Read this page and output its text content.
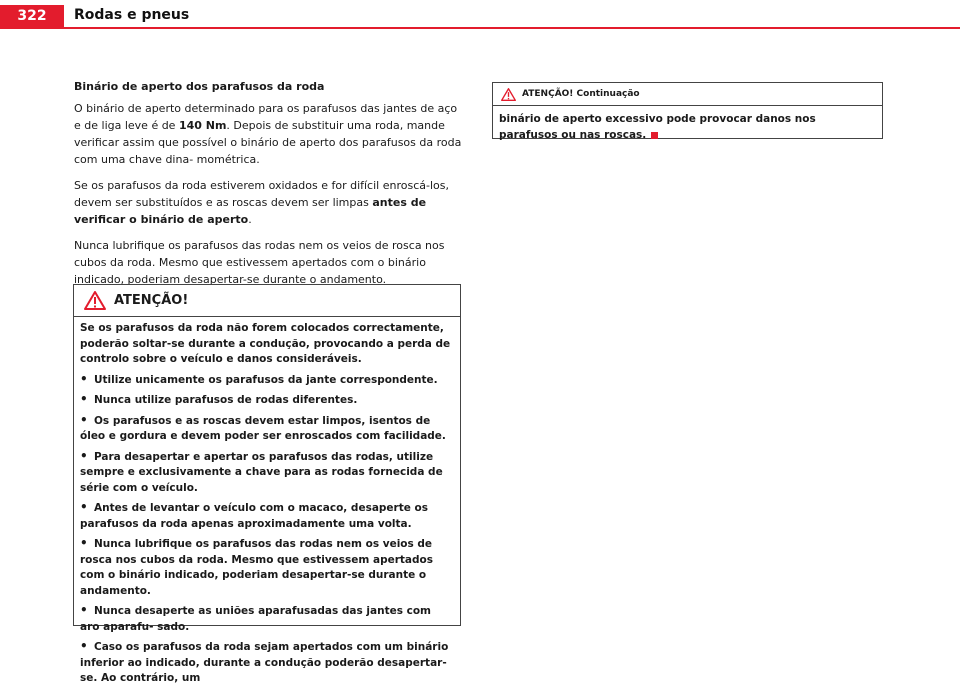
322	Rodas e pneus
Binário de aperto dos parafusos da roda

O binário de aperto determinado para os parafusos das jantes de aço e de liga leve é de 140 Nm. Depois de substituir uma roda, mande verificar assim que possível o binário de aperto dos parafusos da roda com uma chave dina- mométrica.

Se os parafusos da roda estiverem oxidados e for difícil enroscá-los, devem ser substituídos e as roscas devem ser limpas antes de verificar o binário de aperto.

Nunca lubrifique os parafusos das rodas nem os veios de rosca nos cubos da roda. Mesmo que estivessem apertados com o binário indicado, poderiam desapertar-se durante o andamento.

ATENÇÃO!

Se os parafusos da roda não forem colocados correctamente, poderão soltar-se durante a condução, provocando a perda de controlo sobre o veículo e danos consideráveis.

• Utilize unicamente os parafusos da jante correspondente.
• Nunca utilize parafusos de rodas diferentes.
• Os parafusos e as roscas devem estar limpos, isentos de óleo e gordura e devem poder ser enroscados com facilidade.
• Para desapertar e apertar os parafusos das rodas, utilize sempre e exclusivamente a chave para as rodas fornecida de série com o veículo.
• Antes de levantar o veículo com o macaco, desaperte os parafusos da roda apenas aproximadamente uma volta.
• Nunca lubrifique os parafusos das rodas nem os veios de rosca nos cubos da roda. Mesmo que estivessem apertados com o binário indicado, poderiam desapertar-se durante o andamento.
• Nunca desaperte as uniões aparafusadas das jantes com aro aparafu- sado.
• Caso os parafusos da roda sejam apertados com um binário inferior ao indicado, durante a condução poderão desapertar-se. Ao contrário, um
ATENÇÃO! Continuação
binário de aperto excessivo pode provocar danos nos parafusos ou nas roscas.
